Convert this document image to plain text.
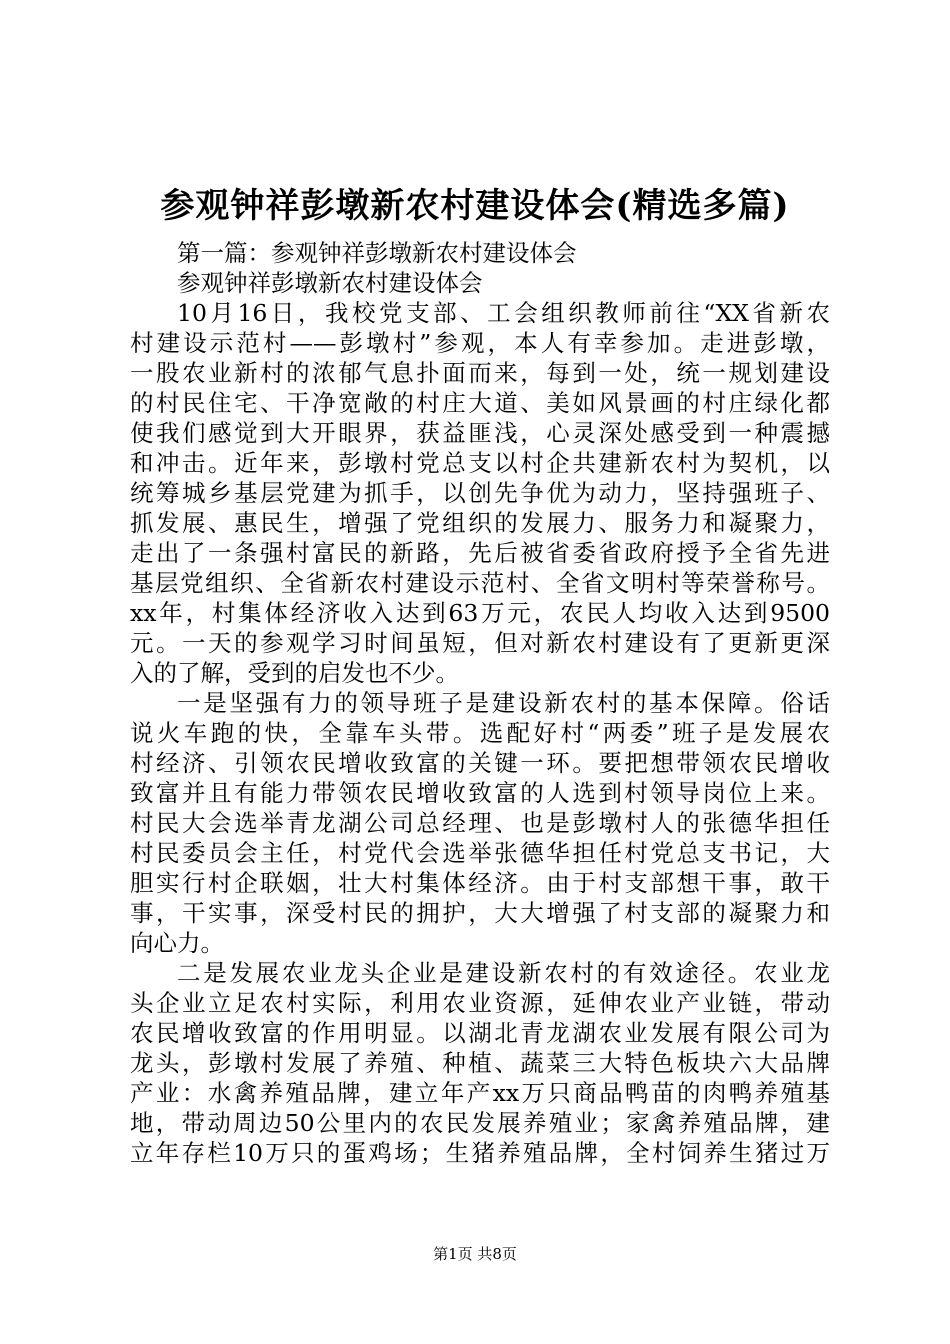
参观钟祥彭墩新农村建设体会(精选多篇)
第一篇：参观钟祥彭墩新农村建设体会
参观钟祥彭墩新农村建设体会
10月16日，我校党支部、工会组织教师前往“XX省新农
村建设示范村——彭墩村”参观，本人有幸参加。走进彭墩，
一股农业新村的浓郁气息扑面而来，每到一处，统一规划建设
的村民住宅、干净宽敞的村庄大道、美如风景画的村庄绿化都
使我们感觉到大开眼界，获益匪浅，心灵深处感受到一种震撼
和冲击。近年来，彭墩村党总支以村企共建新农村为契机，以
统筹城乡基层党建为抓手，以创先争优为动力，坚持强班子、
抓发展、惠民生，增强了党组织的发展力、服务力和凝聚力，
走出了一条强村富民的新路，先后被省委省政府授予全省先进
基层党组织、全省新农村建设示范村、全省文明村等荣誉称号。
xx年，村集体经济收入达到63万元，农民人均收入达到9500
元。一天的参观学习时间虽短，但对新农村建设有了更新更深
入的了解，受到的启发也不少。
一是坚强有力的领导班子是建设新农村的基本保障。俗话
说火车跑的快，全靠车头带。选配好村“两委”班子是发展农
村经济、引领农民增收致富的关键一环。要把想带领农民增收
致富并且有能力带领农民增收致富的人选到村领导岗位上来。
村民大会选举青龙湖公司总经理、也是彭墩村人的张德华担任
村民委员会主任，村党代会选举张德华担任村党总支书记，大
胆实行村企联姻，壮大村集体经济。由于村支部想干事，敢干
事，干实事，深受村民的拥护，大大增强了村支部的凝聚力和
向心力。
二是发展农业龙头企业是建设新农村的有效途径。农业龙
头企业立足农村实际，利用农业资源，延伸农业产业链，带动
农民增收致富的作用明显。以湖北青龙湖农业发展有限公司为
龙头，彭墩村发展了养殖、种植、蔬菜三大特色板块六大品牌
产业：水禽养殖品牌，建立年产xx万只商品鸭苗的肉鸭养殖基
地，带动周边50公里内的农民发展养殖业；家禽养殖品牌，建
立年存栏10万只的蛋鸡场；生猪养殖品牌，全村饲养生猪过万
第1页 共8页
